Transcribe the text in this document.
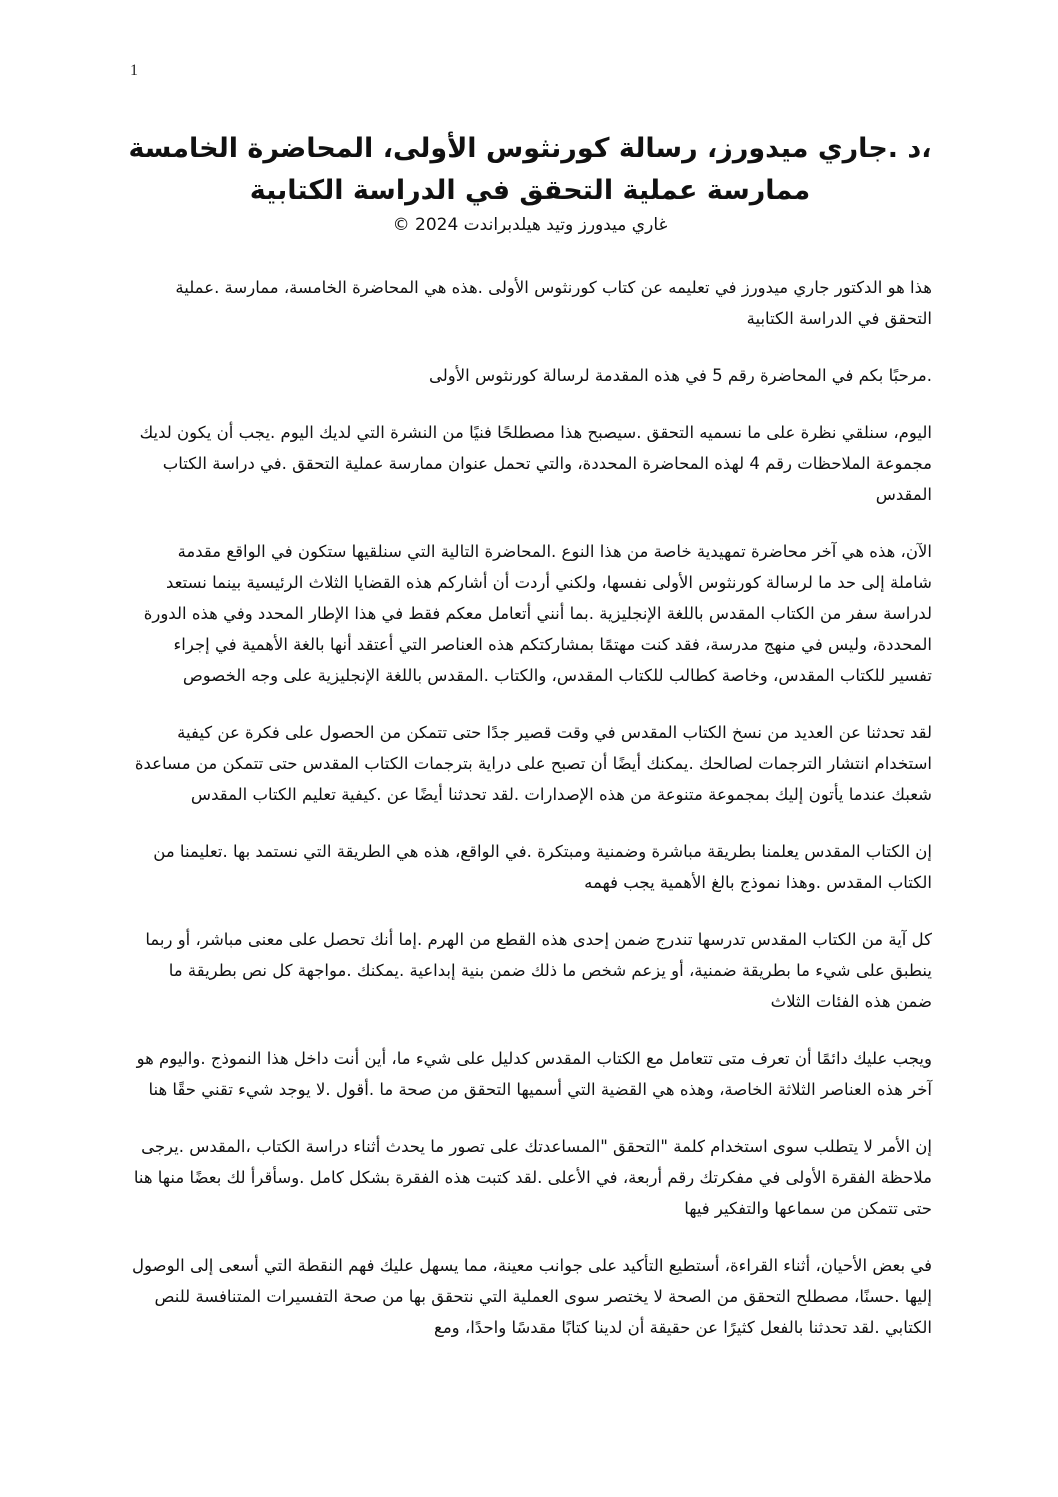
1
،د .جاري ميدورز، رسالة كورنثوس الأولى، المحاضرة الخامسة
ممارسة عملية التحقق في الدراسة الكتابية
غاري ميدورز وتيد هيلدبراندت 2024 ©

هذا هو الدكتور جاري ميدورز في تعليمه عن كتاب كورنثوس الأولى .هذه هي المحاضرة الخامسة، ممارسة .عملية التحقق في الدراسة الكتابية

.مرحبًا بكم في المحاضرة رقم 5 في هذه المقدمة لرسالة كورنثوس الأولى

اليوم، سنلقي نظرة على ما نسميه التحقق .سيصبح هذا مصطلحًا فنيًا من النشرة التي لديك اليوم .يجب أن يكون لديك مجموعة الملاحظات رقم 4 لهذه المحاضرة المحددة، والتي تحمل عنوان ممارسة عملية التحقق .في دراسة الكتاب المقدس

الآن، هذه هي آخر محاضرة تمهيدية خاصة من هذا النوع .المحاضرة التالية التي سنلقيها ستكون في الواقع مقدمة شاملة إلى حد ما لرسالة كورنثوس الأولى نفسها، ولكني أردت أن أشاركم هذه القضايا الثلاث الرئيسية بينما نستعد لدراسة سفر من الكتاب المقدس باللغة الإنجليزية .بما أنني أتعامل معكم فقط في هذا الإطار المحدد وفي هذه الدورة المحددة، وليس في منهج مدرسة، فقد كنت مهتمًا بمشاركتكم هذه العناصر التي أعتقد أنها بالغة الأهمية في إجراء تفسير للكتاب المقدس، وخاصة كطالب للكتاب المقدس، والكتاب .المقدس باللغة الإنجليزية على وجه الخصوص

لقد تحدثنا عن العديد من نسخ الكتاب المقدس في وقت قصير جدًا حتى تتمكن من الحصول على فكرة عن كيفية استخدام انتشار الترجمات لصالحك .يمكنك أيضًا أن تصبح على دراية بترجمات الكتاب المقدس حتى تتمكن من مساعدة شعبك عندما يأتون إليك بمجموعة متنوعة من هذه الإصدارات .لقد تحدثنا أيضًا عن .كيفية تعليم الكتاب المقدس

إن الكتاب المقدس يعلمنا بطريقة مباشرة وضمنية ومبتكرة .في الواقع، هذه هي الطريقة التي نستمد بها .تعليمنا من الكتاب المقدس .وهذا نموذج بالغ الأهمية يجب فهمه

كل آية من الكتاب المقدس تدرسها تندرج ضمن إحدى هذه القطع من الهرم .إما أنك تحصل على معنى مباشر، أو ربما ينطبق على شيء ما بطريقة ضمنية، أو يزعم شخص ما ذلك ضمن بنية إبداعية .يمكنك .مواجهة كل نص بطريقة ما ضمن هذه الفئات الثلاث

ويجب عليك دائمًا أن تعرف متى تتعامل مع الكتاب المقدس كدليل على شيء ما، أين أنت داخل هذا النموذج .واليوم هو آخر هذه العناصر الثلاثة الخاصة، وهذه هي القضية التي أسميها التحقق من صحة ما .أقول .لا يوجد شيء تقني حقًا هنا

إن الأمر لا يتطلب سوى استخدام كلمة "التحقق "المساعدتك على تصور ما يحدث أثناء دراسة الكتاب ،المقدس .يرجى ملاحظة الفقرة الأولى في مفكرتك رقم أربعة، في الأعلى .لقد كتبت هذه الفقرة بشكل كامل .وسأقرأ لك بعضًا منها هنا حتى تتمكن من سماعها والتفكير فيها

في بعض الأحيان، أثناء القراءة، أستطيع التأكيد على جوانب معينة، مما يسهل عليك فهم النقطة التي أسعى إلى الوصول إليها .حسنًا، مصطلح التحقق من الصحة لا يختصر سوى العملية التي نتحقق بها من صحة التفسيرات المتنافسة للنص الكتابي .لقد تحدثنا بالفعل كثيرًا عن حقيقة أن لدينا كتابًا مقدسًا واحدًا، ومع
